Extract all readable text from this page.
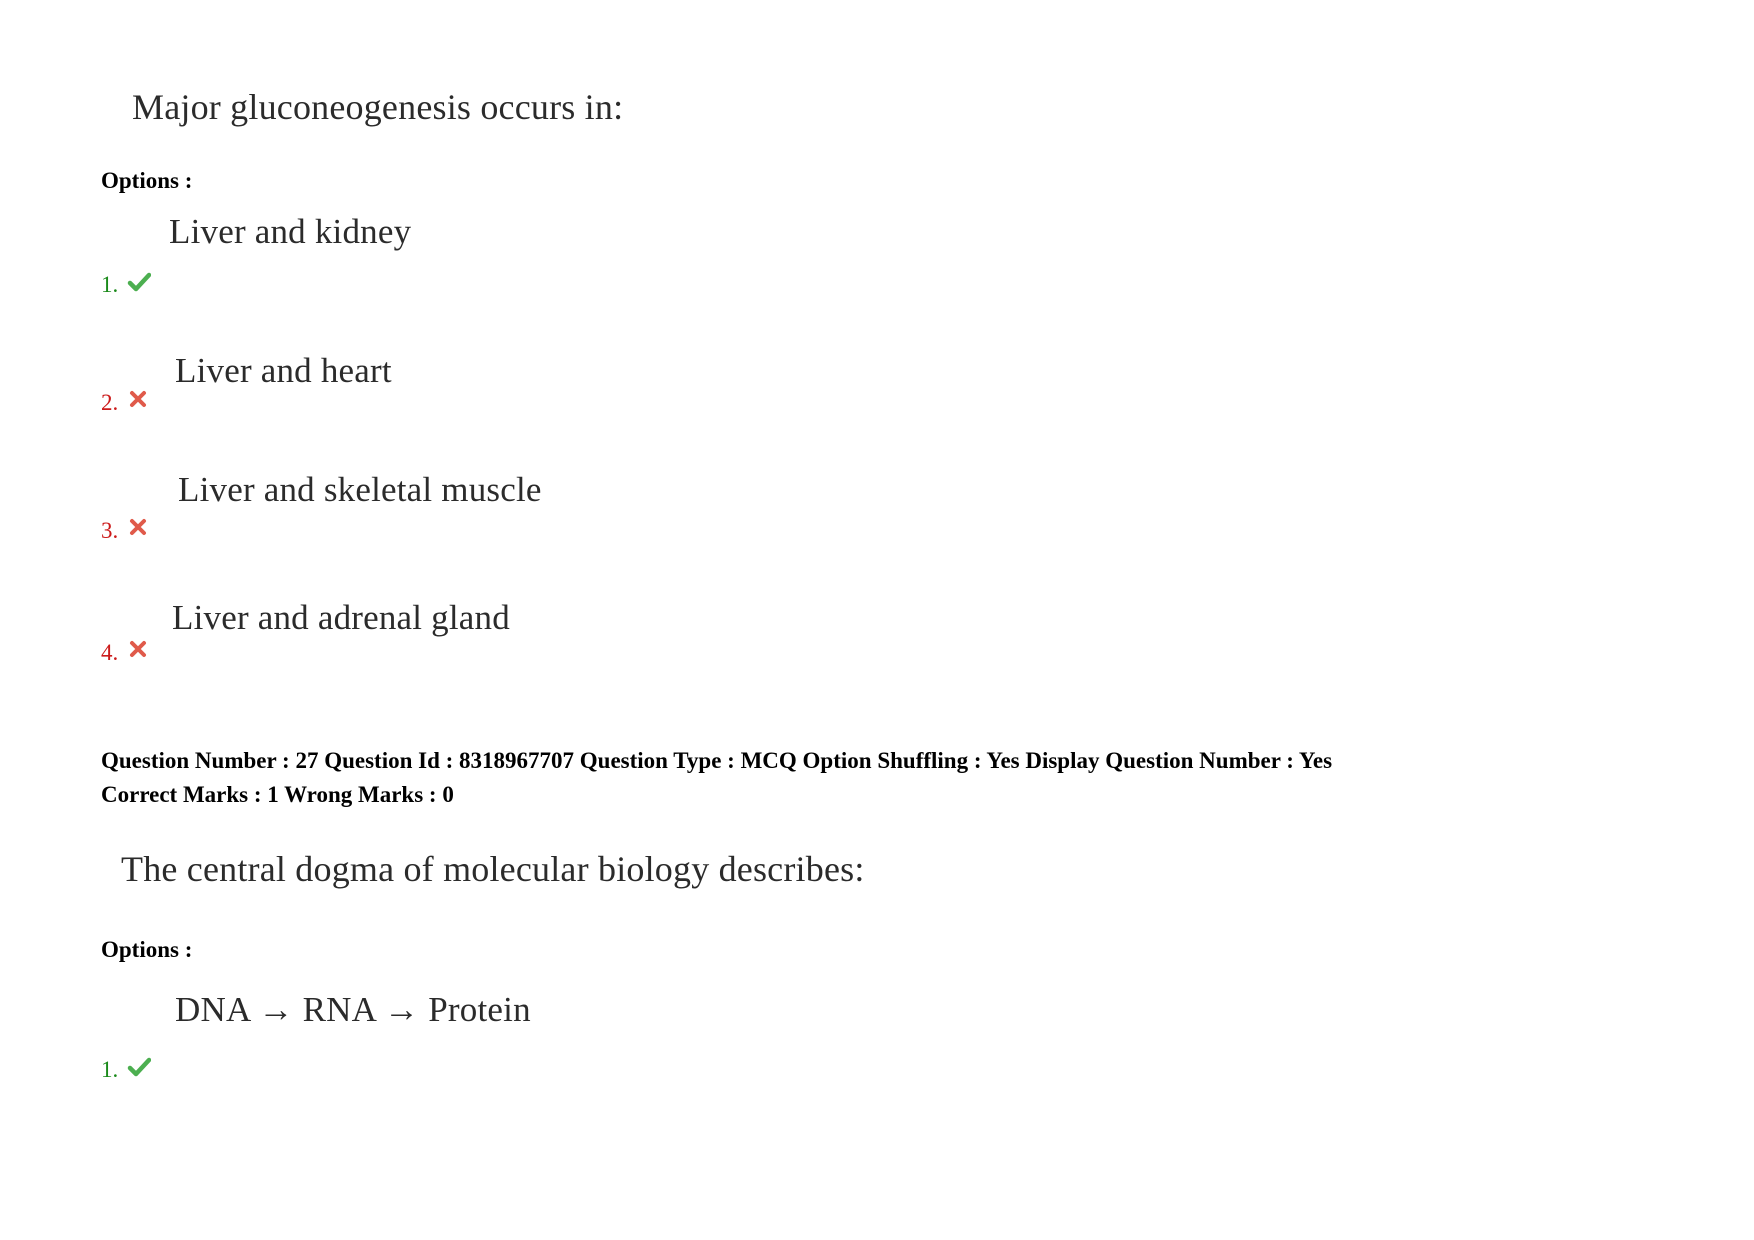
Major gluconeogenesis occurs in:
Options :
Liver and kidney
1.
Liver and heart
2.
Liver and skeletal muscle
3.
Liver and adrenal gland
4.
Question Number : 27 Question Id : 8318967707 Question Type : MCQ Option Shuffling : Yes Display Question Number : Yes
Correct Marks : 1 Wrong Marks : 0
The central dogma of molecular biology describes:
Options :
DNA → RNA → Protein
1.
